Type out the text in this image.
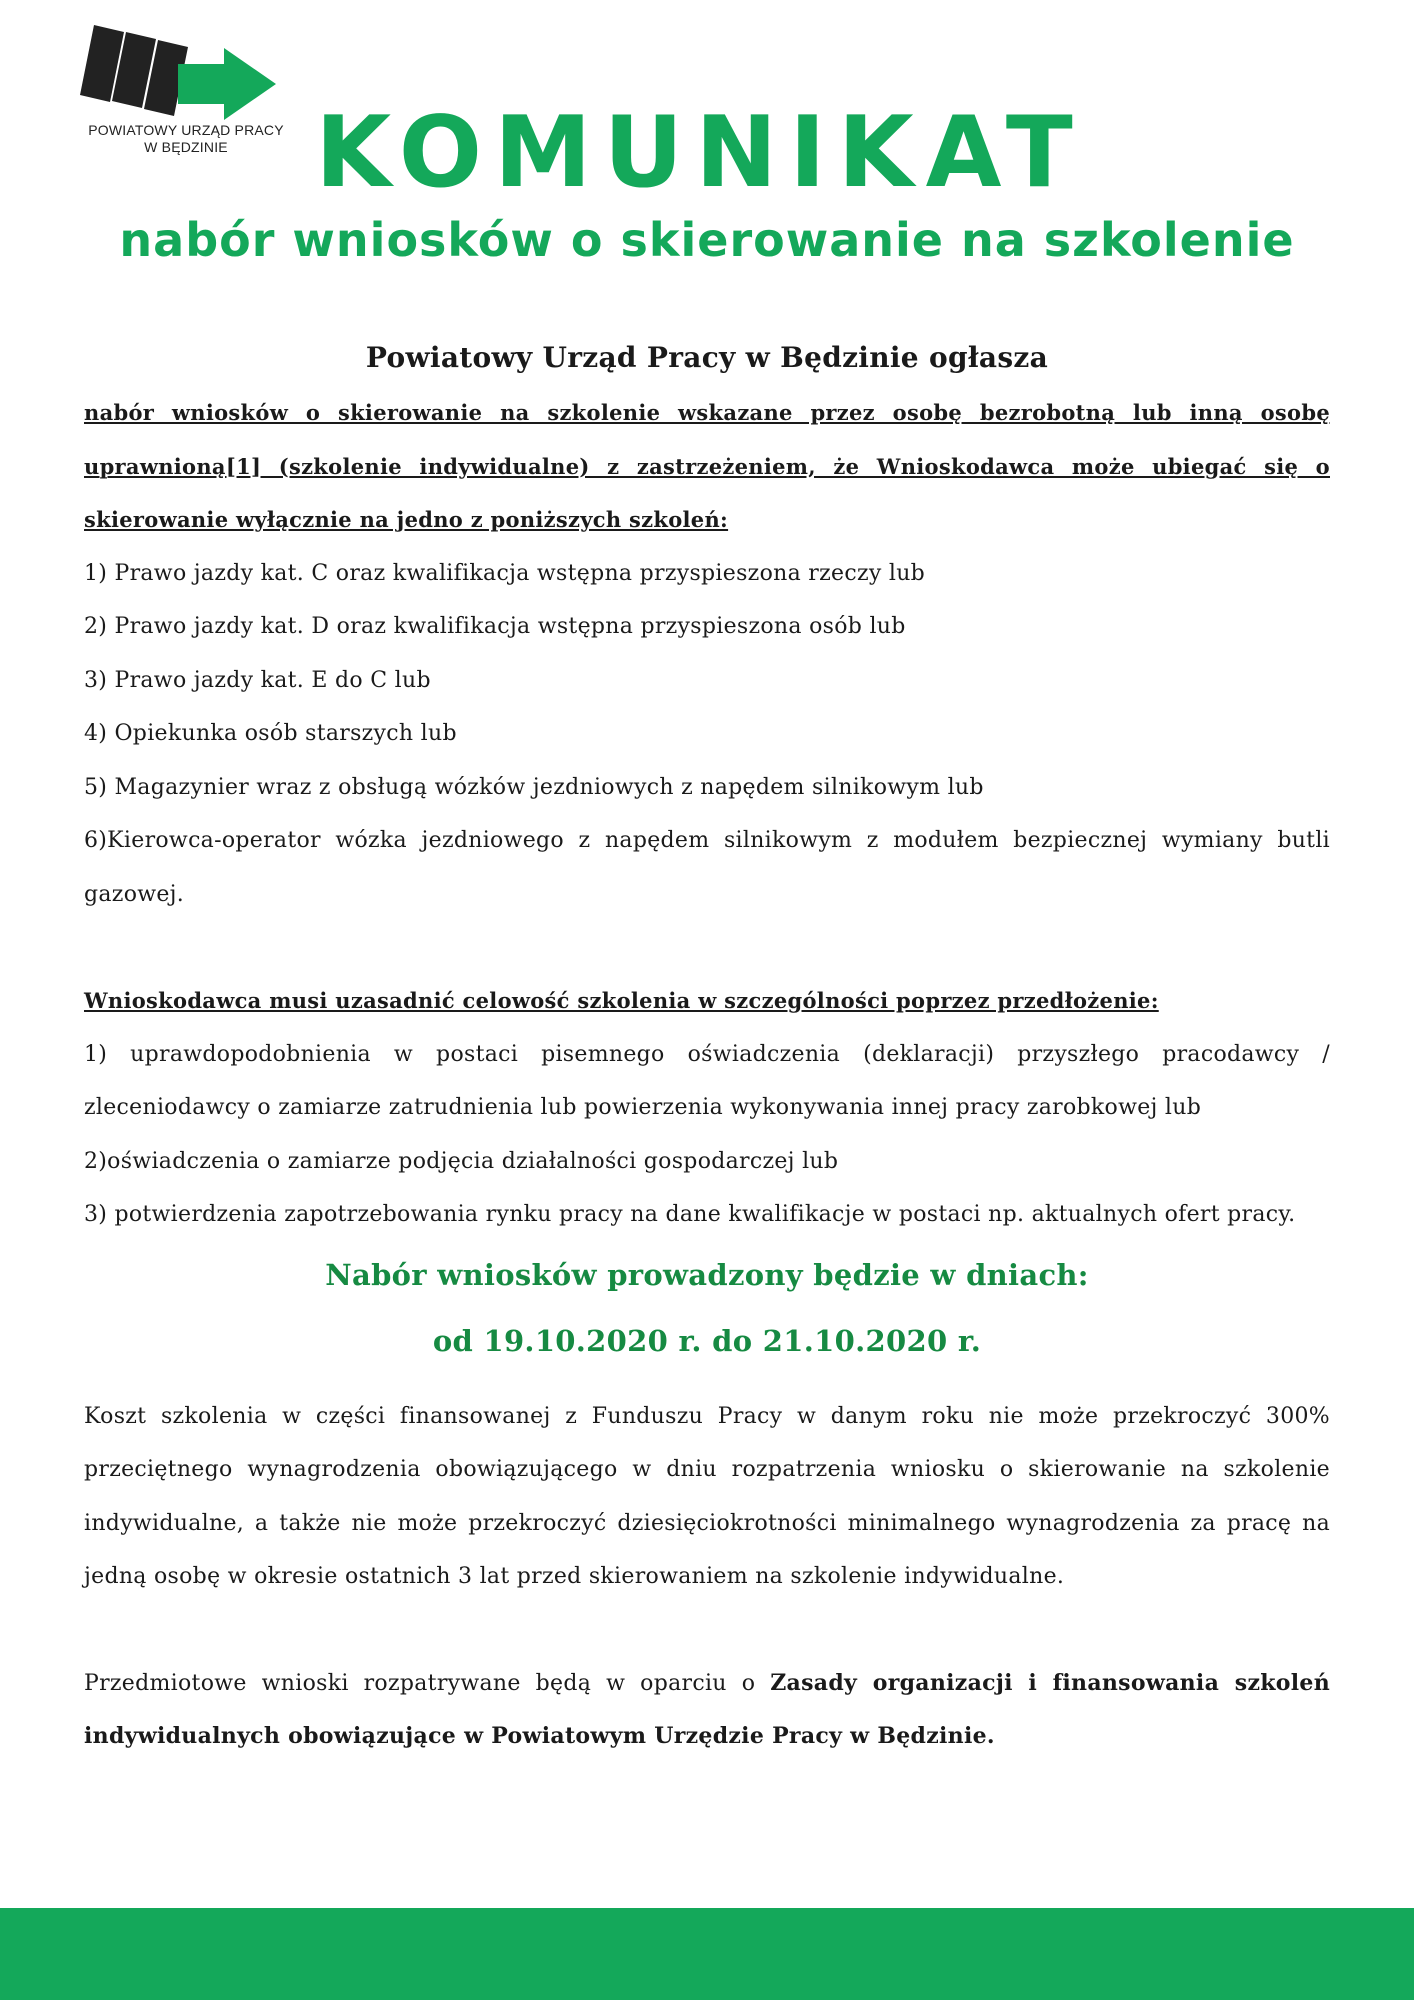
POWIATOWY URZĄD PRACY
W BĘDZINIE KOMUNIKAT
nabór wniosków o skierowanie na szkolenie

Powiatowy Urząd Pracy w Będzinie ogłasza

nabór wniosków o skierowanie na szkolenie wskazane przez osobę bezrobotną lub inną osobę uprawnioną[1] (szkolenie indywidualne) z zastrzeżeniem, że Wnioskodawca może ubiegać się o skierowanie wyłącznie na jedno z poniższych szkoleń:

1) Prawo jazdy kat. C oraz kwalifikacja wstępna przyspieszona rzeczy lub

2) Prawo jazdy kat. D oraz kwalifikacja wstępna przyspieszona osób lub

3) Prawo jazdy kat. E do C lub

4) Opiekunka osób starszych lub

5) Magazynier wraz z obsługą wózków jezdniowych z napędem silnikowym lub

6)Kierowca-operator wózka jezdniowego z napędem silnikowym z modułem bezpiecznej wymiany butli gazowej.

Wnioskodawca musi uzasadnić celowość szkolenia w szczególności poprzez przedłożenie:

1) uprawdopodobnienia w postaci pisemnego oświadczenia (deklaracji) przyszłego pracodawcy / zleceniodawcy o zamiarze zatrudnienia lub powierzenia wykonywania innej pracy zarobkowej lub

2)oświadczenia o zamiarze podjęcia działalności gospodarczej lub

3) potwierdzenia zapotrzebowania rynku pracy na dane kwalifikacje w postaci np. aktualnych ofert pracy.

Nabór wniosków prowadzony będzie w dniach:

od 19.10.2020 r. do 21.10.2020 r.

Koszt szkolenia w części finansowanej z Funduszu Pracy w danym roku nie może przekroczyć 300% przeciętnego wynagrodzenia obowiązującego w dniu rozpatrzenia wniosku o skierowanie na szkolenie indywidualne, a także nie może przekroczyć dziesięciokrotności minimalnego wynagrodzenia za pracę na jedną osobę w okresie ostatnich 3 lat przed skierowaniem na szkolenie indywidualne.

Przedmiotowe wnioski rozpatrywane będą w oparciu o Zasady organizacji i finansowania szkoleń indywidualnych obowiązujące w Powiatowym Urzędzie Pracy w Będzinie.
